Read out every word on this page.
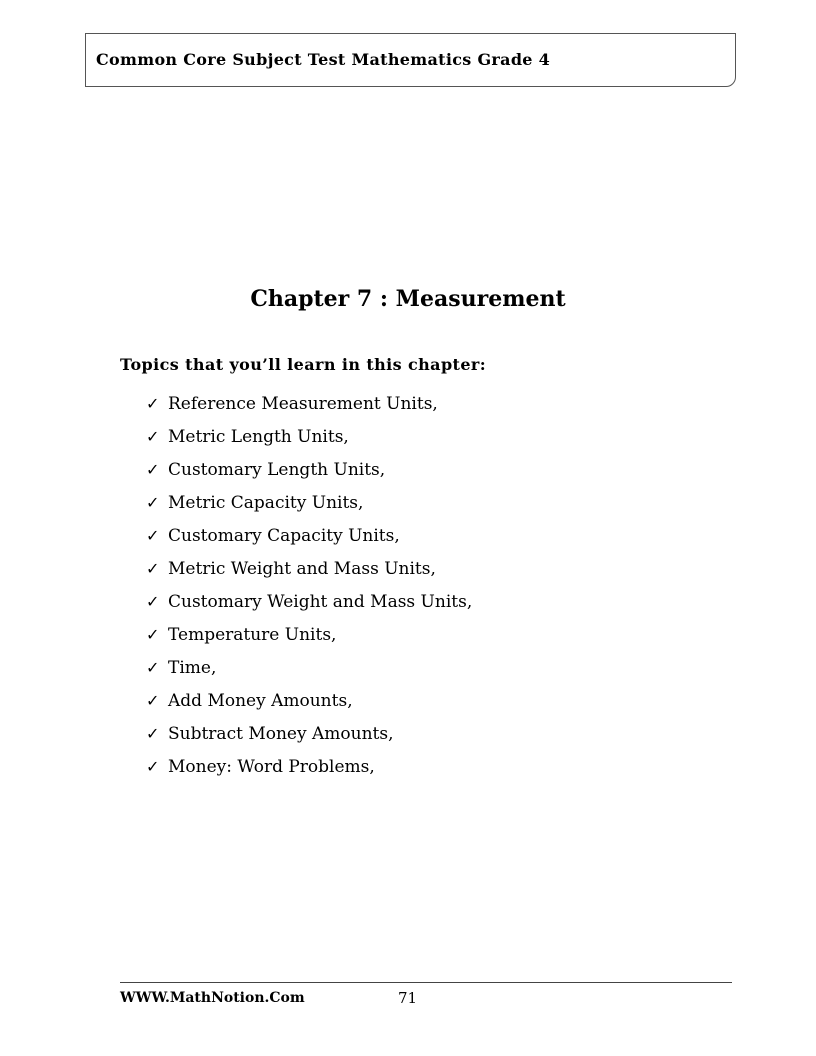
Common Core Subject Test Mathematics Grade 4
Chapter 7 : Measurement
Topics that you’ll learn in this chapter:
✓ Reference Measurement Units,
✓ Metric Length Units,
✓ Customary Length Units,
✓ Metric Capacity Units,
✓ Customary Capacity Units,
✓ Metric Weight and Mass Units,
✓ Customary Weight and Mass Units,
✓ Temperature Units,
✓ Time,
✓ Add Money Amounts,
✓ Subtract Money Amounts,
✓ Money: Word Problems,
WWW.MathNotion.Com	71
